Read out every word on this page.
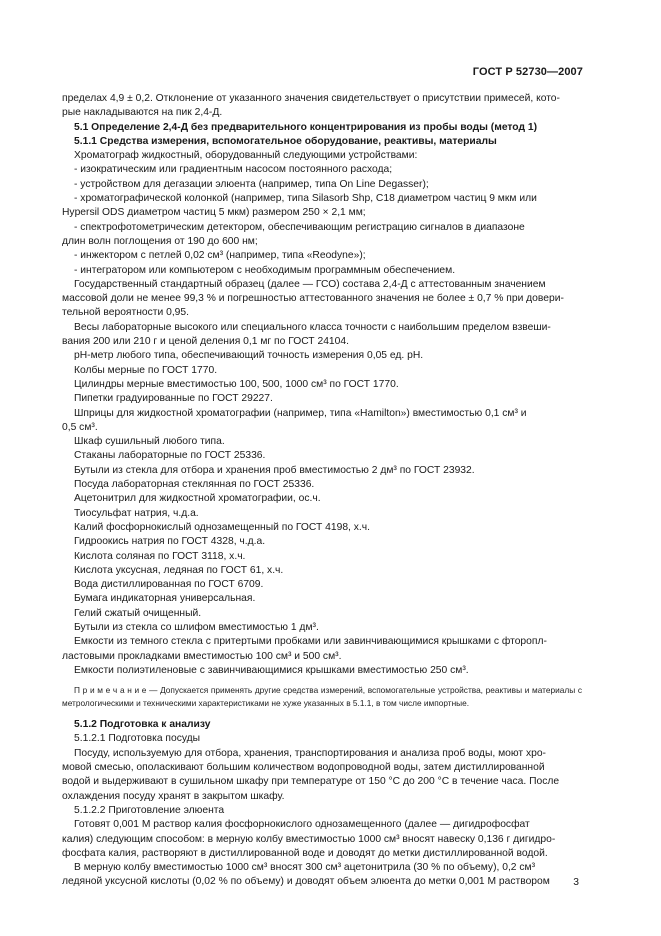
ГОСТ Р 52730—2007

пределах 4,9 ± 0,2. Отклонение от указанного значения свидетельствует о присутствии примесей, кото-

рые накладываются на пик 2,4-Д.

5.1 Определение 2,4-Д без предварительного концентрирования из пробы воды (метод 1)

5.1.1 Средства измерения, вспомогательное оборудование, реактивы, материалы

Хроматограф жидкостный, оборудованный следующими устройствами:

- изократическим или градиентным насосом постоянного расхода;

- устройством для дегазации элюента (например, типа On Line Degasser);

- хроматографической колонкой (например, типа Silasorb Shp, C18 диаметром частиц 9 мкм или

Hypersil ODS диаметром частиц 5 мкм) размером 250 × 2,1 мм;

- спектрофотометрическим детектором, обеспечивающим регистрацию сигналов в диапазоне

длин волн поглощения от 190 до 600 нм;

- инжектором с петлей 0,02 см³ (например, типа «Reodyne»);

- интегратором или компьютером с необходимым программным обеспечением.

Государственный стандартный образец (далее — ГСО) состава 2,4-Д с аттестованным значением

массовой доли не менее 99,3 % и погрешностью аттестованного значения не более ± 0,7 % при довери-

тельной вероятности 0,95.

Весы лабораторные высокого или специального класса точности с наибольшим пределом взвеши-

вания 200 или 210 г и ценой деления 0,1 мг по ГОСТ 24104.

pH-метр любого типа, обеспечивающий точность измерения 0,05 ед. pH.

Колбы мерные по ГОСТ 1770.

Цилиндры мерные вместимостью 100, 500, 1000 см³ по ГОСТ 1770.

Пипетки градуированные по ГОСТ 29227.

Шприцы для жидкостной хроматографии (например, типа «Hamilton») вместимостью 0,1 см³ и

0,5 см³.

Шкаф сушильный любого типа.

Стаканы лабораторные по ГОСТ 25336.

Бутыли из стекла для отбора и хранения проб вместимостью 2 дм³ по ГОСТ 23932.

Посуда лабораторная стеклянная по ГОСТ 25336.

Ацетонитрил для жидкостной хроматографии, ос.ч.

Тиосульфат натрия, ч.д.а.

Калий фосфорнокислый однозамещенный по ГОСТ 4198, х.ч.

Гидроокись натрия по ГОСТ 4328, ч.д.а.

Кислота соляная по ГОСТ 3118, х.ч.

Кислота уксусная, ледяная по ГОСТ 61, х.ч.

Вода дистиллированная по ГОСТ 6709.

Бумага индикаторная универсальная.

Гелий сжатый очищенный.

Бутыли из стекла со шлифом вместимостью 1 дм³.

Емкости из темного стекла с притертыми пробками или завинчивающимися крышками с фторопл-

ластовыми прокладками вместимостью 100 см³ и 500 см³.

Емкости полиэтиленовые с завинчивающимися крышками вместимостью 250 см³.

П р и м е ч а н и е — Допускается применять другие средства измерений, вспомогательные устройства, реактивы и материалы с метрологическими и техническими характеристиками не хуже указанных в 5.1.1, в том числе импортные.

5.1.2 Подготовка к анализу

5.1.2.1 Подготовка посуды

Посуду, используемую для отбора, хранения, транспортирования и анализа проб воды, моют хро-

мовой смесью, ополаскивают большим количеством водопроводной воды, затем дистиллированной

водой и выдерживают в сушильном шкафу при температуре от 150 °С до 200 °С в течение часа. После

охлаждения посуду хранят в закрытом шкафу.

5.1.2.2 Приготовление элюента

Готовят 0,001 М раствор калия фосфорнокислого однозамещенного (далее — дигидрофосфат

калия) следующим способом: в мерную колбу вместимостью 1000 см³ вносят навеску 0,136 г дигидро-

фосфата калия, растворяют в дистиллированной воде и доводят до метки дистиллированной водой.

В мерную колбу вместимостью 1000 см³ вносят 300 см³ ацетонитрила (30 % по объему), 0,2 см³

ледяной уксусной кислоты (0,02 % по объему) и доводят объем элюента до метки 0,001 М раствором	3
